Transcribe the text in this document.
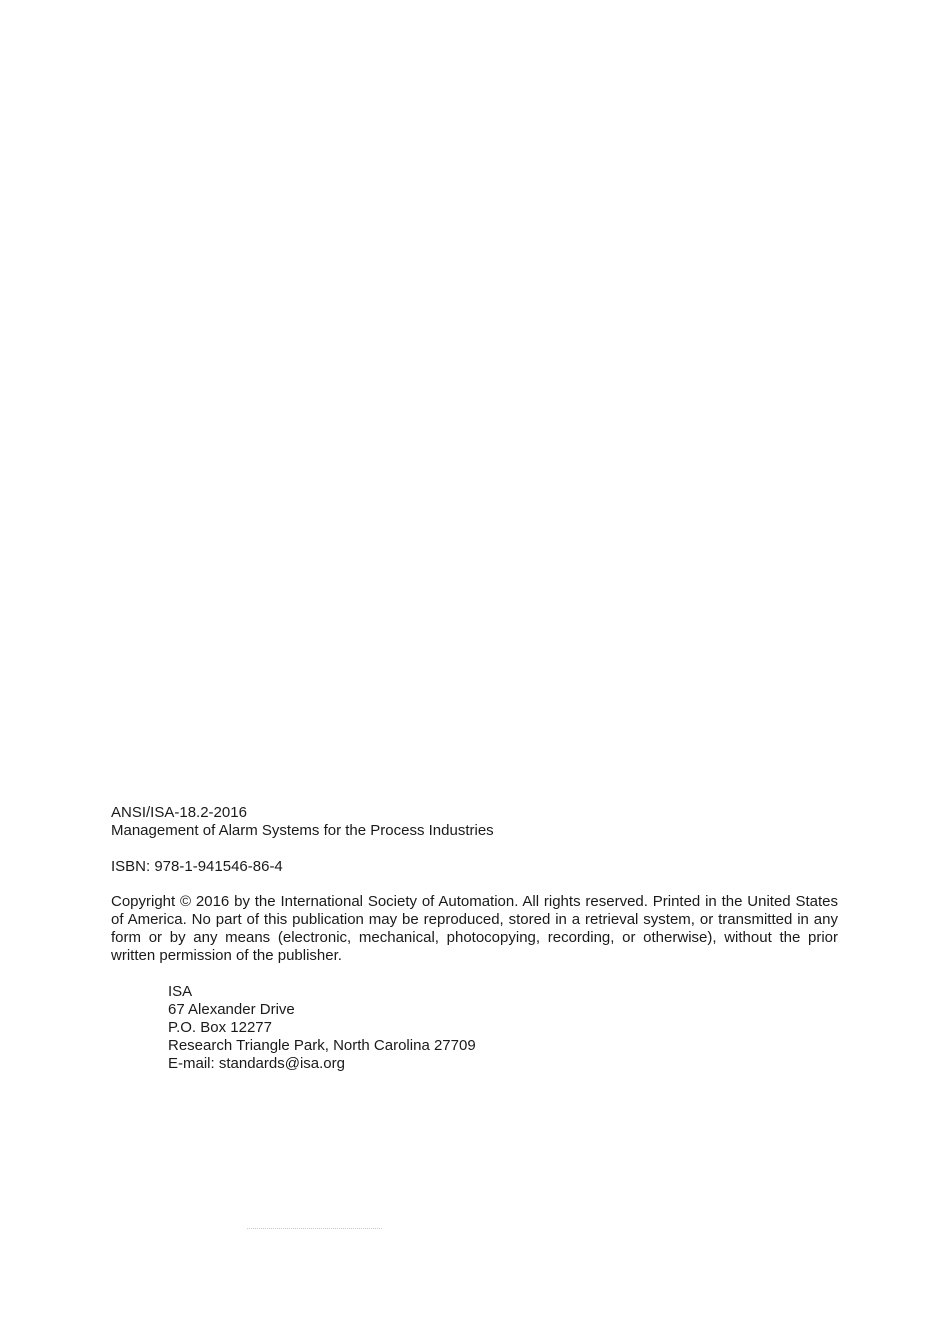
ANSI/ISA-18.2-2016
Management of Alarm Systems for the Process Industries
ISBN: 978-1-941546-86-4

Copyright © 2016 by the International Society of Automation. All rights reserved. Printed in the United States of America. No part of this publication may be reproduced, stored in a retrieval system, or transmitted in any form or by any means (electronic, mechanical, photocopying, recording, or otherwise), without the prior written permission of the publisher.

ISA
67 Alexander Drive
P.O. Box 12277
Research Triangle Park, North Carolina 27709
E-mail: standards@isa.org
